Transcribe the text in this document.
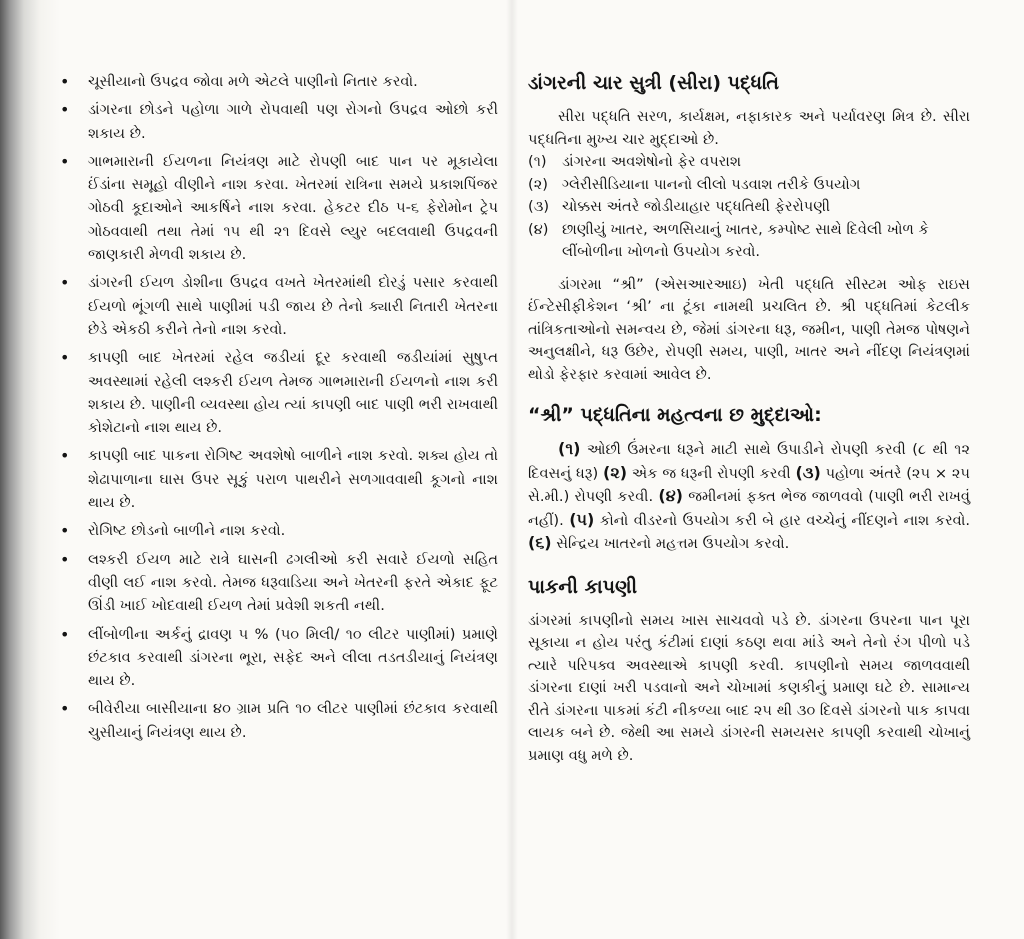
• ચૂસીયાનો ઉપદ્રવ જોવા મળે એટલે પાણીનો નિતાર કરવો.
• ડાંગરના છોડને પહોળા ગાળે રોપવાથી પણ રોગનો ઉપદ્રવ ઓછો કરી શકાય છે.
• ગાભમારાની ઈયળના નિયંત્રણ માટે રોપણી બાદ પાન પર મૂકાયેલા ઈંડાંના સમૂહો વીણીને નાશ કરવા. ખેતરમાં રાત્રિના સમયે પ્રકાશપિંજર ગોઠવી કૂદાઓને આકર્ષિને નાશ કરવા. હેકટર દીઠ ૫-૬ ફેરોમોન ટ્રેપ ગોઠવવાથી તથા તેમાં ૧૫ થી ૨૧ દિવસે લ્યુર બદલવાથી ઉપદ્રવની જાણકારી મેળવી શકાય છે.
• ડાંગરની ઈયળ ડોશીના ઉપદ્રવ વખતે ખેતરમાંથી દોરડું પસાર કરવાથી ઈયળો ભૂંગળી સાથે પાણીમાં પડી જાય છે તેનો ક્યારી નિતારી ખેતરના છેડે એકઠી કરીને તેનો નાશ કરવો.
• કાપણી બાદ ખેતરમાં રહેલ જડીયાં દૂર કરવાથી જડીયાંમાં સુષુપ્ત અવસ્થામાં રહેલી લશ્કરી ઈયળ તેમજ ગાભમારાની ઈયળનો નાશ કરી શકાય છે. પાણીની વ્યવસ્થા હોય ત્યાં કાપણી બાદ પાણી ભરી રાખવાથી કોશેટાનો નાશ થાય છે.
• કાપણી બાદ પાકના રોગિષ્ટ અવશેષો બાળીને નાશ કરવો. શક્ય હોય તો શેઢાપાળાના ઘાસ ઉપર સૂકું પરાળ પાથરીને સળગાવવાથી કૂગનો નાશ થાય છે.
• રોગિષ્ટ છોડનો બાળીને નાશ કરવો.
• લશ્કરી ઈયળ માટે રાત્રે ઘાસની ઢગલીઓ કરી સવારે ઈયળો સહિત વીણી લઈ નાશ કરવો. તેમજ ધરૂવાડિયા અને ખેતરની ફરતે એકાદ ફૂટ ઊંડી ખાઈ ખોદવાથી ઈયળ તેમાં પ્રવેશી શકતી નથી.
• લીંબોળીના અર્કનું દ્રાવણ ૫ % (૫૦ મિલી/ ૧૦ લીટર પાણીમાં) પ્રમાણે છંટકાવ કરવાથી ડાંગરના ભૂરા, સફેદ અને લીલા તડતડીયાનું નિયંત્રણ થાય છે.
• બીવેરીયા બાસીયાના ૪૦ ગ્રામ પ્રતિ ૧૦ લીટર પાણીમાં છંટકાવ કરવાથી ચુસીયાનું નિયંત્રણ થાય છે.
ડાંગરની ચાર સુત્રી (સીરા) પદ્ધતિ

સીરા પદ્ધતિ સરળ, કાર્યક્ષમ, નફાકારક અને પર્યાવરણ મિત્ર છે. સીરા પદ્ધતિના મુખ્ય ચાર મુદ્દાઓ છે.

(૧) ડાંગરના અવશેષોનો ફેર વપરાશ
(૨) ગ્લેરીસીડિયાના પાનનો લીલો પડવાશ તરીકે ઉપયોગ
(૩) ચોક્કસ અંતરે જોડીયાહાર પદ્ધતિથી ફેરરોપણી
(૪) છાણીયું ખાતર, અળસિયાનું ખાતર, કમ્પોષ્ટ સાથે દિવેલી ખોળ કે લીંબોળીના ખોળનો ઉપયોગ કરવો.

ડાંગરમા “શ્રી” (એસઆરઆઇ) ખેતી પદ્ધતિ સીસ્ટમ ઓફ રાઇસ ઈંન્ટેસીફીકેશન ‘શ્રી’ ના ટૂંકા નામથી પ્રચલિત છે. શ્રી પદ્ધતિમાં કેટલીક તાંત્રિકતાઓનો સમન્વય છે, જેમાં ડાંગરના ધરૂ, જમીન, પાણી તેમજ પોષણને અનુલક્ષીને, ધરૂ ઉછેર, રોપણી સમય, પાણી, ખાતર અને નીંદણ નિયંત્રણમાં થોડો ફેરફાર કરવામાં આવેલ છે.

“શ્રી” પદ્ધતિના મહત્વના છ મુદ્દાઓ:

(૧) ઓછી ઉંમરના ધરૂને માટી સાથે ઉપાડીને રોપણી કરવી (૮ થી ૧૨ દિવસનું ધરૂ) (૨) એક જ ધરૂની રોપણી કરવી (૩) પહોળા અંતરે (૨૫ × ૨૫ સે.મી.) રોપણી કરવી. (૪) જમીનમાં ફક્ત ભેજ જાળવવો (પાણી ભરી રાખવું નહીં). (૫) કોનો વીડરનો ઉપયોગ કરી બે હાર વચ્ચેનું નીંદણને નાશ કરવો. (૬) સેન્દ્રિય ખાતરનો મહત્તમ ઉપયોગ કરવો.

પાકની કાપણી

ડાંગરમાં કાપણીનો સમય ખાસ સાચવવો પડે છે. ડાંગરના ઉપરના પાન પૂરા સૂકાયા ન હોય પરંતુ કંટીમાં દાણાં કઠણ થવા માંડે અને તેનો રંગ પીળો પડે ત્યારે પરિપક્વ અવસ્થાએ કાપણી કરવી. કાપણીનો સમય જાળવવાથી ડાંગરના દાણાં ખરી પડવાનો અને ચોખામાં કણકીનું પ્રમાણ ઘટે છે. સામાન્ય રીતે ડાંગરના પાકમાં કંટી નીકળ્યા બાદ ૨૫ થી ૩૦ દિવસે ડાંગરનો પાક કાપવા લાયક બને છે. જેથી આ સમયે ડાંગરની સમયસર કાપણી કરવાથી ચોખાનું પ્રમાણ વધુ મળે છે.
